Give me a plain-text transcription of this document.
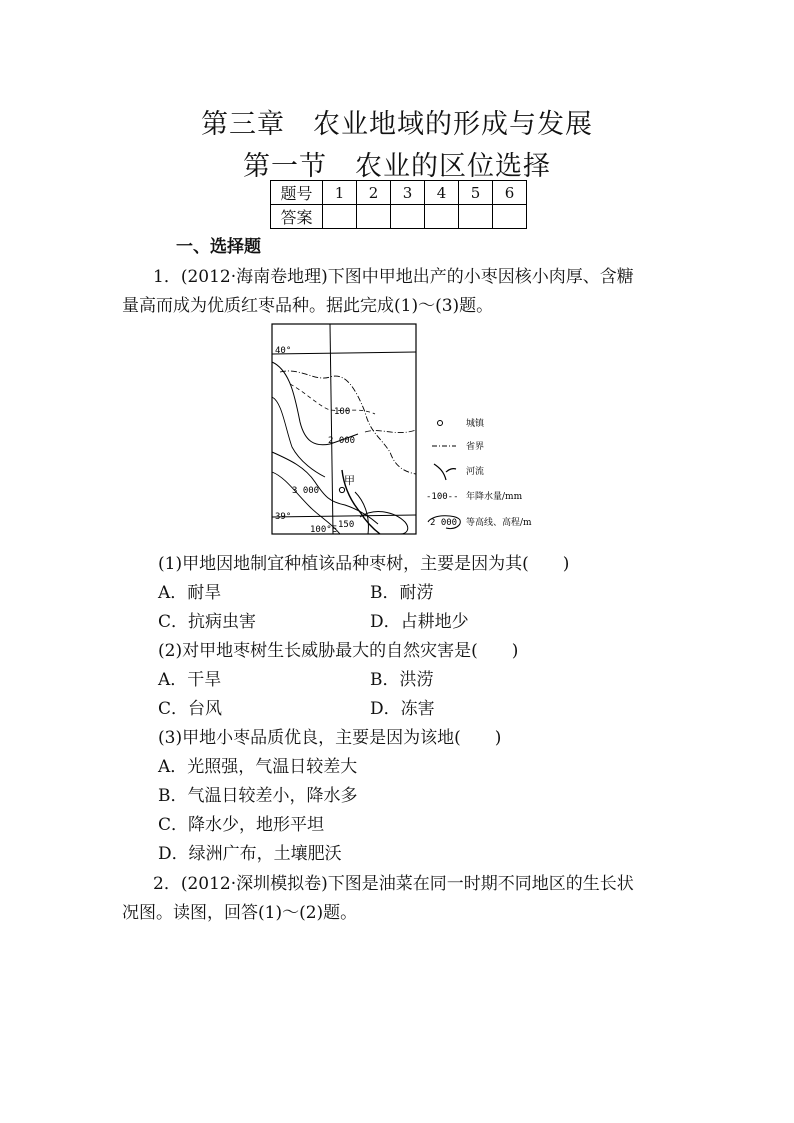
第三章　农业地域的形成与发展
第一节　农业的区位选择
题号	1	2	3	4	5	6
答案						
一、选择题
1．(2012·海南卷地理)下图中甲地出产的小枣因核小肉厚、含糖
量高而成为优质红枣品种。据此完成(1)～(3)题。
甲
40°
39°
100°E
100
2 000
3 000
150
城镇
省界
河流
-100-- 年降水量/mm
2 000 等高线、高程/m
(1)甲地因地制宜种植该品种枣树，主要是因为其(　　)
A．耐旱	B．耐涝
C．抗病虫害	D．占耕地少
(2)对甲地枣树生长威胁最大的自然灾害是(　　)
A．干旱	B．洪涝
C．台风	D．冻害
(3)甲地小枣品质优良，主要是因为该地(　　)
A．光照强，气温日较差大
B．气温日较差小，降水多
C．降水少，地形平坦
D．绿洲广布，土壤肥沃
2．(2012·深圳模拟卷)下图是油菜在同一时期不同地区的生长状
况图。读图，回答(1)～(2)题。
